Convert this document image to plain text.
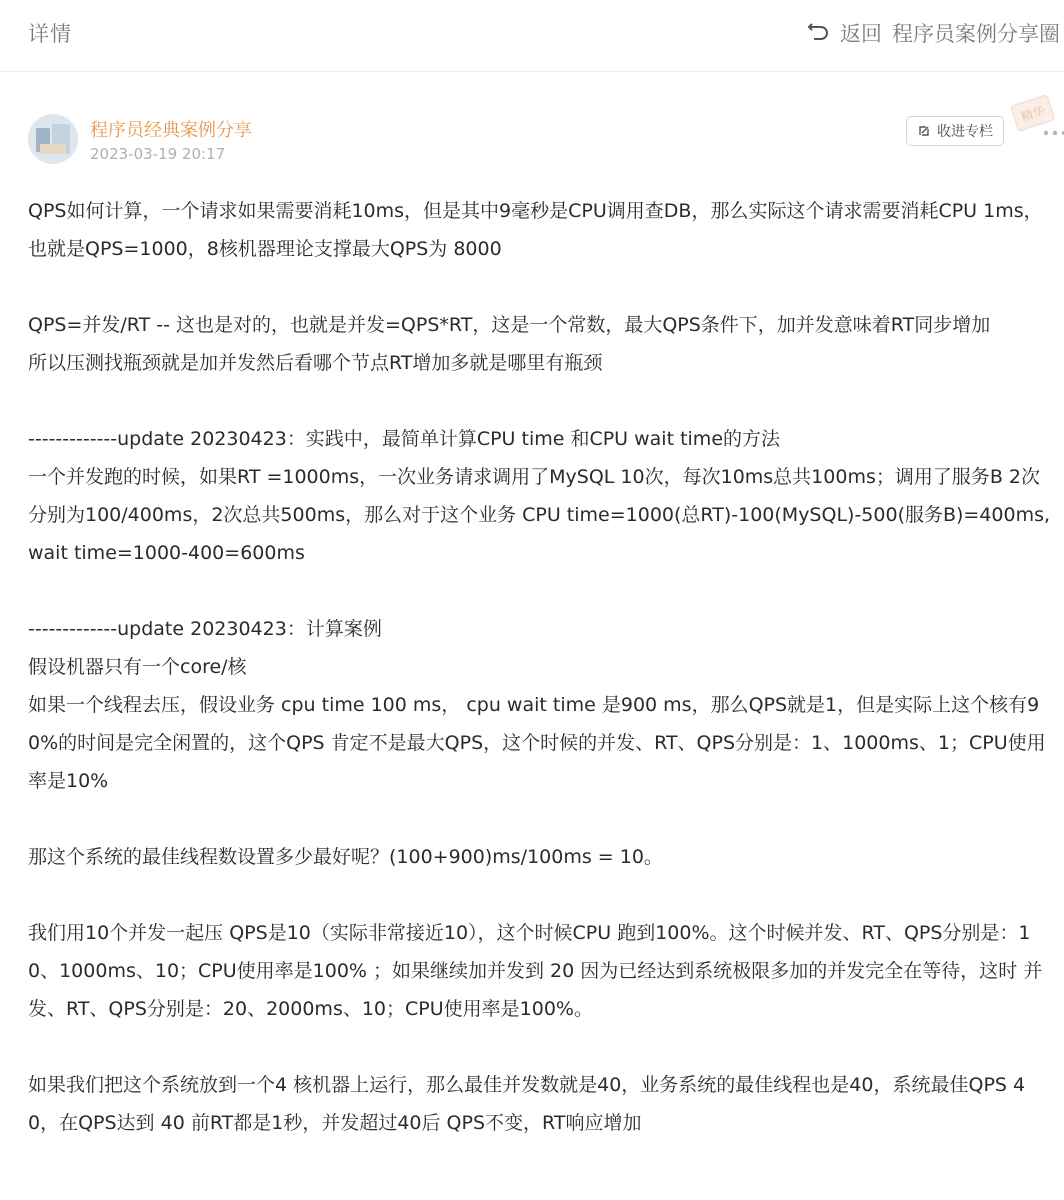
详情	返回 程序员案例分享圈
程序员经典案例分享
2023-03-19 20:17
收进专栏
精华

QPS如何计算，一个请求如果需要消耗10ms，但是其中9毫秒是CPU调用查DB，那么实际这个请求需要消耗CPU 1ms，也就是QPS=1000，8核机器理论支撑最大QPS为 8000

QPS=并发/RT -- 这也是对的，也就是并发=QPS*RT，这是一个常数，最大QPS条件下，加并发意味着RT同步增加

所以压测找瓶颈就是加并发然后看哪个节点RT增加多就是哪里有瓶颈

-------------update 20230423：实践中，最简单计算CPU time 和CPU wait time的方法

一个并发跑的时候，如果RT =1000ms，一次业务请求调用了MySQL 10次，每次10ms总共100ms；调用了服务B 2次分别为100/400ms，2次总共500ms，那么对于这个业务 CPU time=1000(总RT)-100(MySQL)-500(服务B)=400ms, wait time=1000-400=600ms

-------------update 20230423：计算案例

假设机器只有一个core/核

如果一个线程去压，假设业务 cpu time 100 ms， cpu wait time 是900 ms，那么QPS就是1，但是实际上这个核有90%的时间是完全闲置的，这个QPS 肯定不是最大QPS，这个时候的并发、RT、QPS分别是：1、1000ms、1；CPU使用率是10%

那这个系统的最佳线程数设置多少最好呢？(100+900)ms/100ms = 10。

我们用10个并发一起压 QPS是10（实际非常接近10），这个时候CPU 跑到100%。这个时候并发、RT、QPS分别是：10、1000ms、10；CPU使用率是100% ；如果继续加并发到 20 因为已经达到系统极限多加的并发完全在等待，这时 并发、RT、QPS分别是：20、2000ms、10；CPU使用率是100%。

如果我们把这个系统放到一个4 核机器上运行，那么最佳并发数就是40，业务系统的最佳线程也是40，系统最佳QPS 40，在QPS达到 40 前RT都是1秒，并发超过40后 QPS不变，RT响应增加
